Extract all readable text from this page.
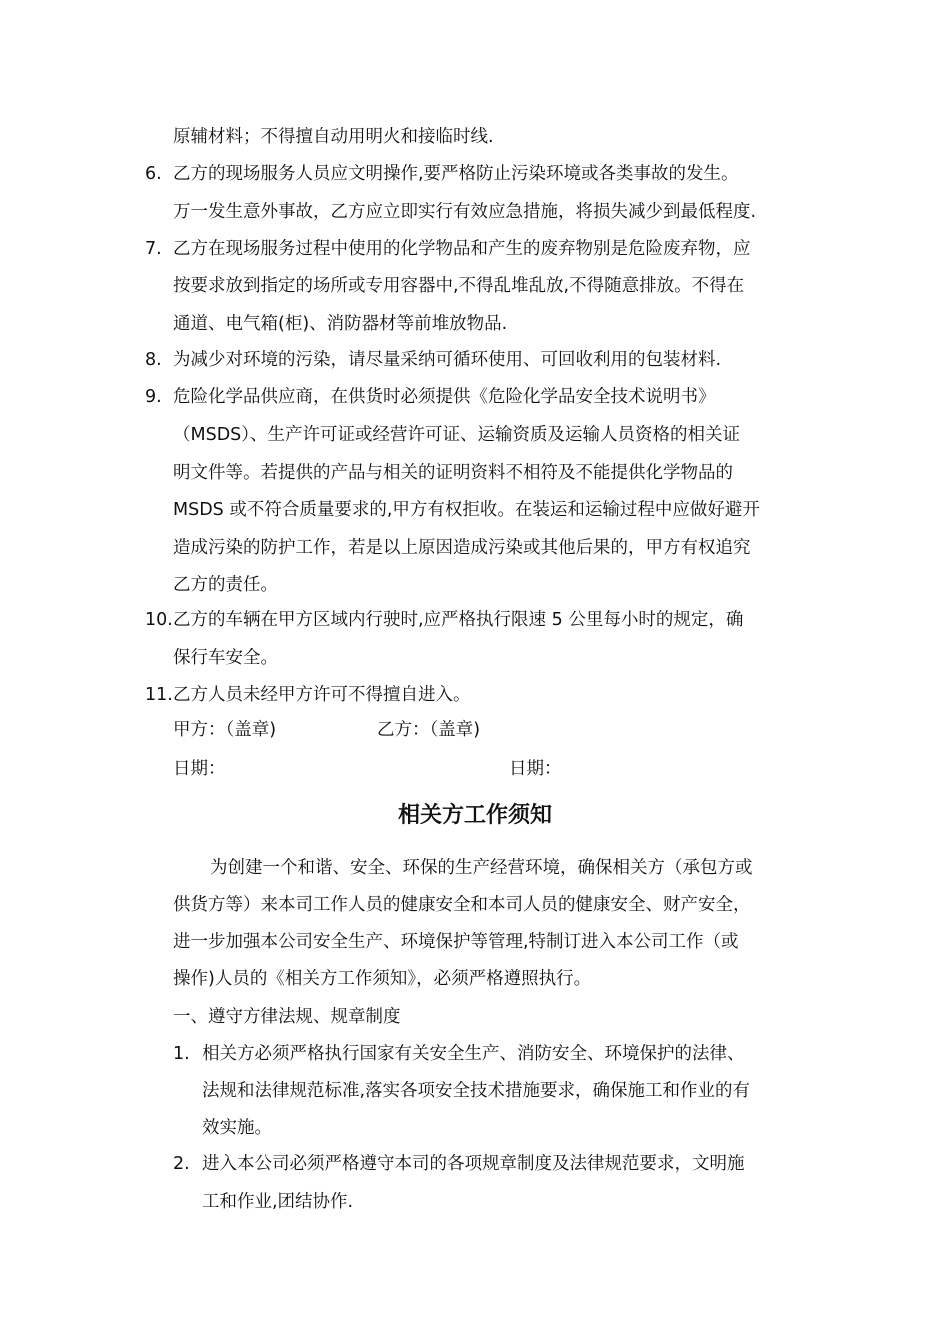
原辅材料；不得擅自动用明火和接临时线.
6. 乙方的现场服务人员应文明操作,要严格防止污染环境或各类事故的发生。
万一发生意外事故，乙方应立即实行有效应急措施，将损失减少到最低程度.
7. 乙方在现场服务过程中使用的化学物品和产生的废弃物别是危险废弃物，应
按要求放到指定的场所或专用容器中,不得乱堆乱放,不得随意排放。不得在
通道、电气箱(柜)、消防器材等前堆放物品.
8. 为减少对环境的污染，请尽量采纳可循环使用、可回收利用的包装材料.
9. 危险化学品供应商，在供货时必须提供《危险化学品安全技术说明书》
（MSDS）、生产许可证或经营许可证、运输资质及运输人员资格的相关证
明文件等。若提供的产品与相关的证明资料不相符及不能提供化学物品的
MSDS 或不符合质量要求的,甲方有权拒收。在装运和运输过程中应做好避开
造成污染的防护工作，若是以上原因造成污染或其他后果的，甲方有权追究
乙方的责任。
10. 乙方的车辆在甲方区域内行驶时,应严格执行限速 5 公里每小时的规定，确
保行车安全。
11. 乙方人员未经甲方许可不得擅自进入。
甲方：（盖章)	乙方：（盖章)
日期：	日期：
相关方工作须知
为创建一个和谐、安全、环保的生产经营环境，确保相关方（承包方或
供货方等）来本司工作人员的健康安全和本司人员的健康安全、财产安全，
进一步加强本公司安全生产、环境保护等管理,特制订进入本公司工作（或
操作)人员的《相关方工作须知》，必须严格遵照执行。
一、遵守方律法规、规章制度
1. 相关方必须严格执行国家有关安全生产、消防安全、环境保护的法律、
法规和法律规范标准,落实各项安全技术措施要求，确保施工和作业的有
效实施。
2. 进入本公司必须严格遵守本司的各项规章制度及法律规范要求，文明施
工和作业,团结协作.
